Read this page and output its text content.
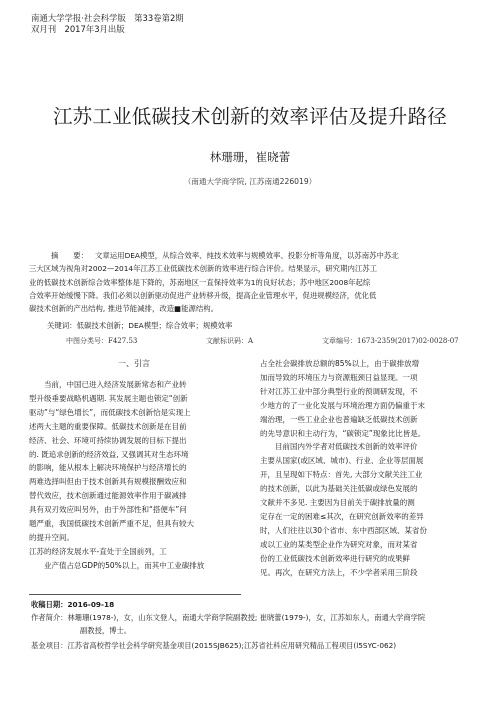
南通大学学报·社会科学版　第33卷第2期
双月刊　2017年3月出版
江苏工业低碳技术创新的效率评估及提升路径
林珊珊，崔晓蕾
（南通大学商学院, 江苏南通226019）
摘　　要： 文章运用DEA模型，从综合效率、纯技术效率与规模效率、投影分析等角度，以苏南苏中苏北
三大区域为视角对2002—2014年江苏工业低碳技术创新的效率进行综合评价。结果显示，研究期内江苏工
业的低碳技术创新综合效率整体是下降的，苏南地区一直保持效率为1的良好状态；苏中地区2008年起综
合效率开始缓慢下降。我们必须以创新驱动促进产业转移升级，提高企业管理水平，促进规模经济，优化低
碳技术创新的产出结构, 推进节能减排，改造■能源结构。
关键词：低碳技术创新；DEA模型；综合效率；规模效率
中图分类号：F427.53	文献标识码：A	文章编号：1673-2359(2017)02-0028-07
一、引言

当前，中国已进入经济发展新常态和产业转

型升级垂要战略机遇期. 其发展主题也锁定“创新

驱动”与“绿色增长”，而低碳技术创新恰是实现上

述两大主题的重要保障。低碳技术创新是在目前

经济、社会、环境可持续协调发展的目标下提出

的. 既追求创新的经济效益, 又强调其对生态环境

的影响，能从根本上解决环境保护与经济增长的

两难选择叫但由于技术创新具有规模报酬效应和

替代效应，技术创新通过能源效率作用于碳减排

具有双刃效应叫另外，由于外部性和“搭便车”问

题严重，我国低碳技术创新严重不足，但具有较大

的提升空间。

江苏的经济发展水平-直处于全国前列，工

业产值占总GDP的50%以上，而其中工业碳排放

占全社会碳排放总额的85%以上，由于碳排放增

加而导致的环境压力与资源瓶颈日益显现。一项

针对江苏工业中部分典型行业的预调研发现，不

少地方的了一业化发展与环境治理方面仍偏重于末

端治理，一些工业企业也普遍缺乏低碳技术创新

的先导意识和主动行为，“碳锁定”现象比比皆是。

目前国内外学者对低碳技术创新的效率评价

主要从国家(或区域、城市)、行业、企业等层面展

开，且呈现如下特点：首先, 大部分文献关注工业

的技术创新，以此为基础关注低碳或绿色发展的

文献并不多见. 主要因为目前关于碳排放量的测

定存在一定的困难≤其次，在研究创新效率的差异

时，人们往往以30个省市、东中西部区域、某省份

或以工业的某类型企业作为研究对象，而对某省

份的工业低碳技术创新效率进行研究的成果鲜

见。再次，在研究方法上，不少学者采用三阶段

收稿日期：2016-09-18
作者简介：林珊珊(1978-)，女，山东文登人，南通大学商学院副教授; 崔晓蕾(1979-)，女，江苏如东人，南通大学商学院
副教授，博士。
基金项目：江苏省高校哲学社会科学研究基金项目(2015SJB625);江苏省社科应用研究精品工程项目(l5SYC-062)
